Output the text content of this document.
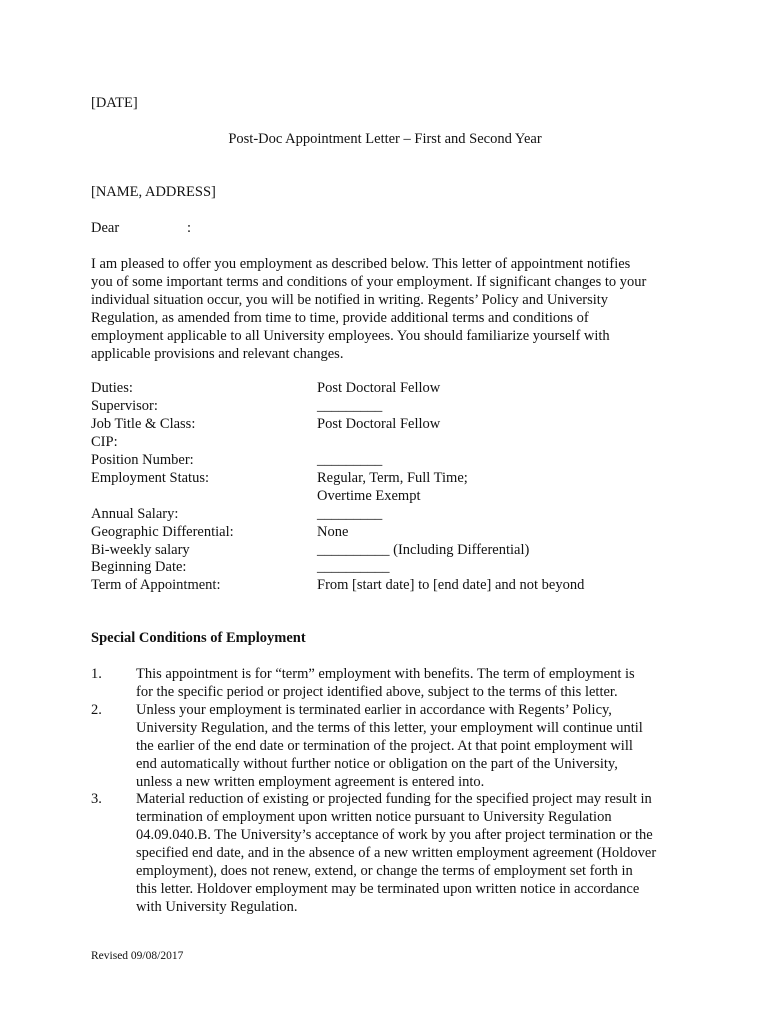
[DATE]
Post-Doc Appointment Letter – First and Second Year
[NAME, ADDRESS]
Dear	:
I am pleased to offer you employment as described below. This letter of appointment notifies
you of some important terms and conditions of your employment. If significant changes to your
individual situation occur, you will be notified in writing. Regents’ Policy and University
Regulation, as amended from time to time, provide additional terms and conditions of
employment applicable to all University employees. You should familiarize yourself with
applicable provisions and relevant changes.
Duties:	Post Doctoral Fellow
Supervisor:	_________
Job Title & Class:	Post Doctoral Fellow
CIP:
Position Number:	_________
Employment Status:	Regular, Term, Full Time;
Overtime Exempt
Annual Salary:	_________
Geographic Differential:	None
Bi-weekly salary	__________ (Including Differential)
Beginning Date:	__________
Term of Appointment:	From [start date] to [end date] and not beyond
Special Conditions of Employment
1. This appointment is for “term” employment with benefits. The term of employment is
for the specific period or project identified above, subject to the terms of this letter.
2. Unless your employment is terminated earlier in accordance with Regents’ Policy,
University Regulation, and the terms of this letter, your employment will continue until
the earlier of the end date or termination of the project. At that point employment will
end automatically without further notice or obligation on the part of the University,
unless a new written employment agreement is entered into.
3. Material reduction of existing or projected funding for the specified project may result in
termination of employment upon written notice pursuant to University Regulation
04.09.040.B. The University’s acceptance of work by you after project termination or the
specified end date, and in the absence of a new written employment agreement (Holdover
employment), does not renew, extend, or change the terms of employment set forth in
this letter. Holdover employment may be terminated upon written notice in accordance
with University Regulation.
Revised 09/08/2017
